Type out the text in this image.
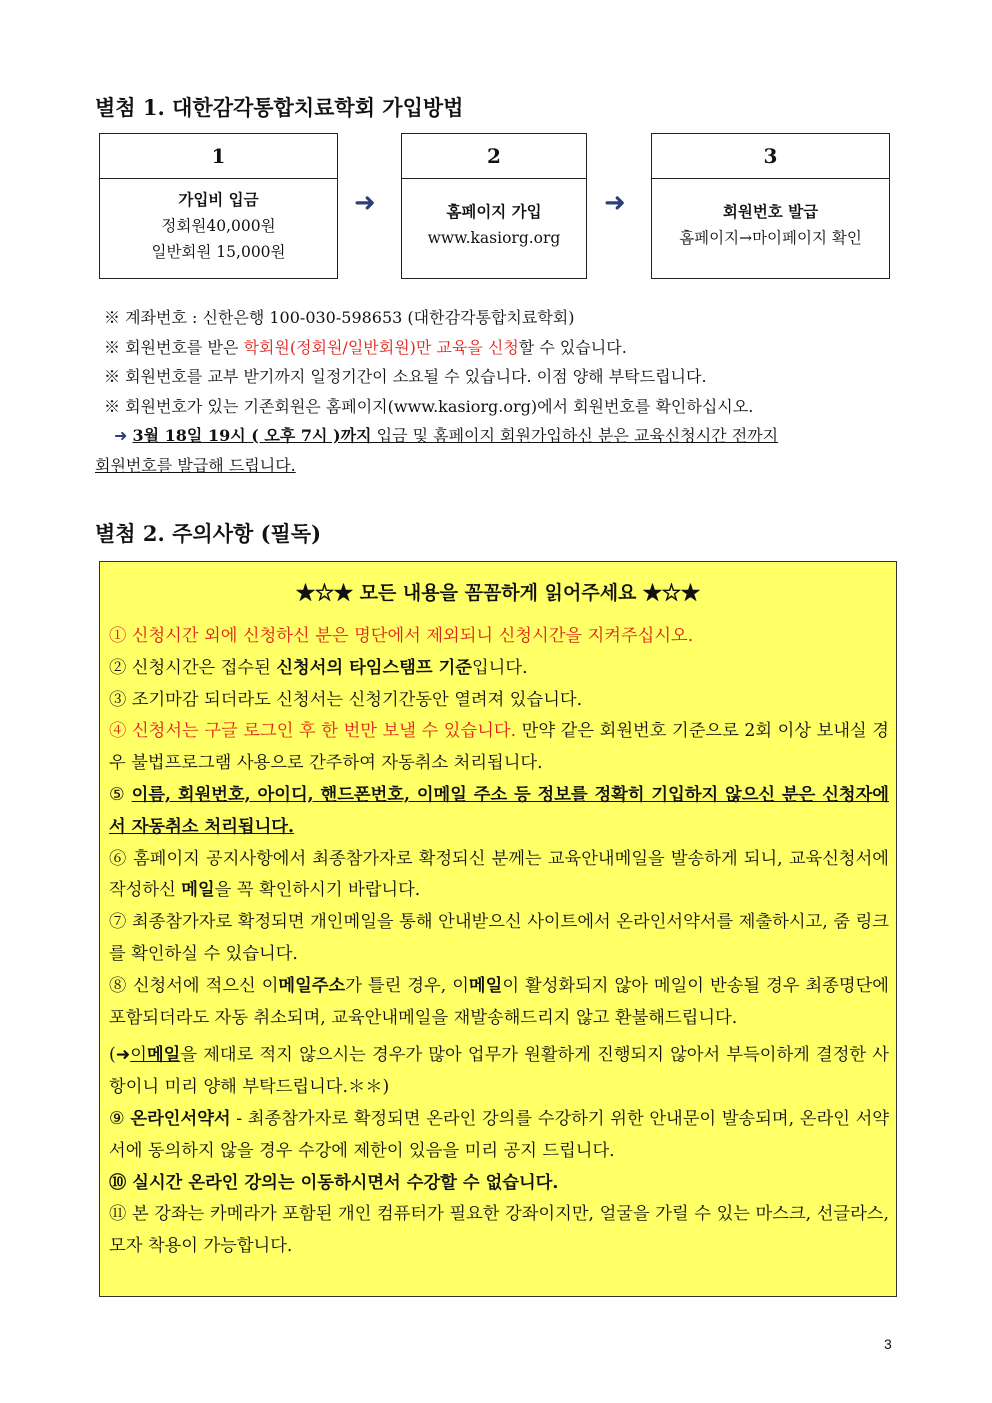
별첨 1. 대한감각통합치료학회 가입방법
1
가입비 입금
정회원40,000원
일반회원 15,000원
➜
2
홈페이지 가입
www.kasiorg.org
➜
3
회원번호 발급
홈페이지→마이페이지 확인
※ 계좌번호 : 신한은행 100-030-598653 (대한감각통합치료학회)
※ 회원번호를 받은 학회원(정회원/일반회원)만 교육을 신청할 수 있습니다.
※ 회원번호를 교부 받기까지 일정기간이 소요될 수 있습니다. 이점 양해 부탁드립니다.
※ 회원번호가 있는 기존회원은 홈페이지(www.kasiorg.org)에서 회원번호를 확인하십시오.
➜ 3월 18일 19시 ( 오후 7시 )까지 입금 및 홈페이지 회원가입하신 분은 교육신청시간 전까지
회원번호를 발급해 드립니다.
별첨 2. 주의사항 (필독)
★☆★ 모든 내용을 꼼꼼하게 읽어주세요 ★☆★

① 신청시간 외에 신청하신 분은 명단에서 제외되니 신청시간을 지켜주십시오.

② 신청시간은 접수된 신청서의 타임스탬프 기준입니다.

③ 조기마감 되더라도 신청서는 신청기간동안 열려져 있습니다.

④ 신청서는 구글 로그인 후 한 번만 보낼 수 있습니다. 만약 같은 회원번호 기준으로 2회 이상 보내실 경우 불법프로그램 사용으로 간주하여 자동취소 처리됩니다.

⑤ 이름, 회원번호, 아이디, 핸드폰번호, 이메일 주소 등 정보를 정확히 기입하지 않으신 분은 신청자에서 자동취소 처리됩니다.

⑥ 홈페이지 공지사항에서 최종참가자로 확정되신 분께는 교육안내메일을 발송하게 되니, 교육신청서에 작성하신 메일을 꼭 확인하시기 바랍니다.

⑦ 최종참가자로 확정되면 개인메일을 통해 안내받으신 사이트에서 온라인서약서를 제출하시고, 줌 링크를 확인하실 수 있습니다.

⑧ 신청서에 적으신 이메일주소가 틀린 경우, 이메일이 활성화되지 않아 메일이 반송될 경우 최종명단에 포함되더라도 자동 취소되며, 교육안내메일을 재발송해드리지 않고 환불해드립니다.

(➜이메일을 제대로 적지 않으시는 경우가 많아 업무가 원활하게 진행되지 않아서 부득이하게 결정한 사항이니 미리 양해 부탁드립니다.＊＊)

⑨ 온라인서약서 - 최종참가자로 확정되면 온라인 강의를 수강하기 위한 안내문이 발송되며, 온라인 서약서에 동의하지 않을 경우 수강에 제한이 있음을 미리 공지 드립니다.

⑩ 실시간 온라인 강의는 이동하시면서 수강할 수 없습니다.

⑪ 본 강좌는 카메라가 포함된 개인 컴퓨터가 필요한 강좌이지만, 얼굴을 가릴 수 있는 마스크, 선글라스, 모자 착용이 가능합니다.

3
